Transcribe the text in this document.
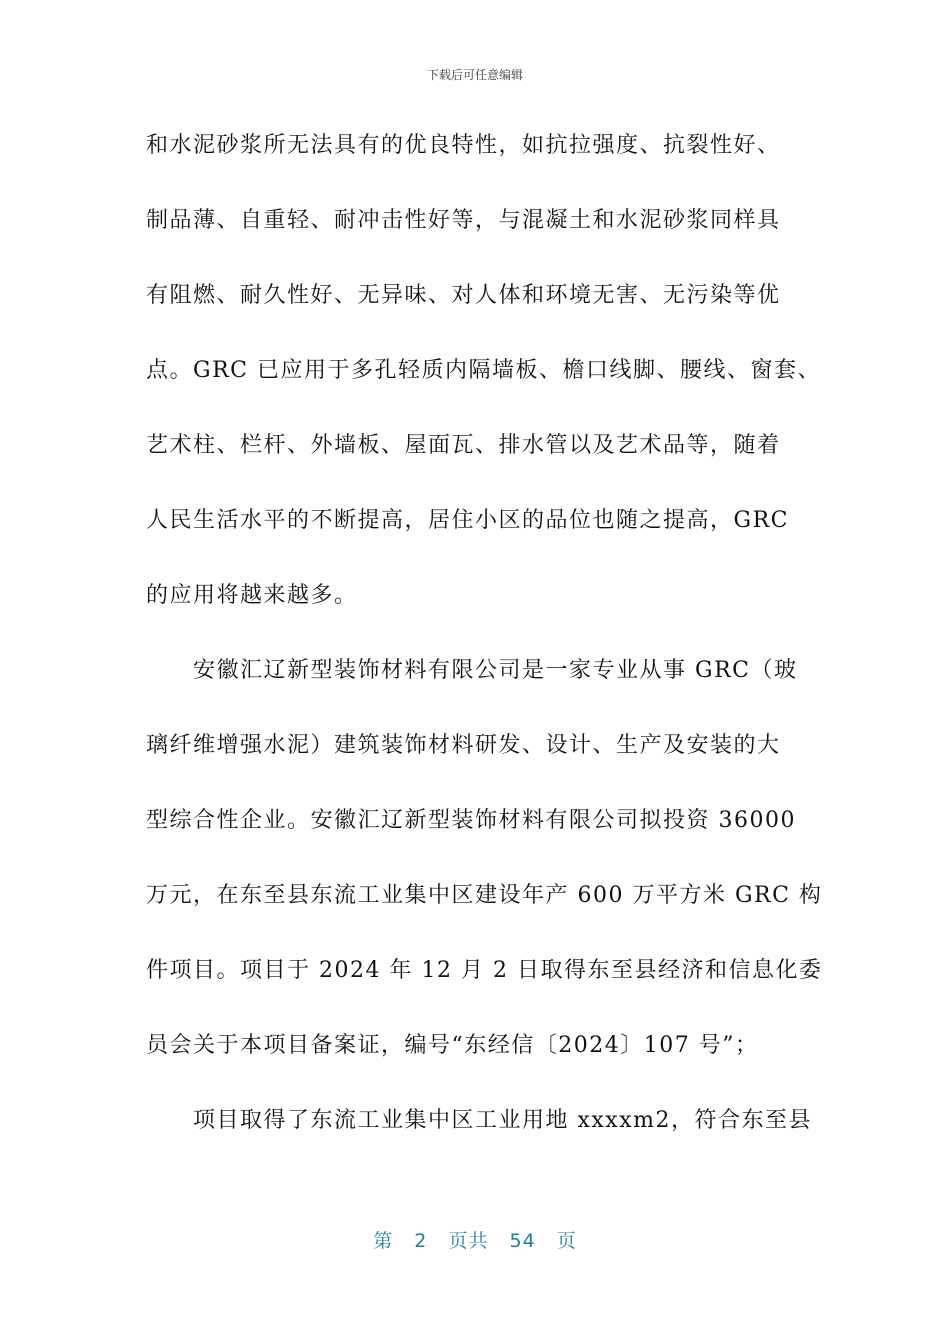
下载后可任意编辑
和水泥砂浆所无法具有的优良特性，如抗拉强度、抗裂性好、
制品薄、自重轻、耐冲击性好等，与混凝土和水泥砂浆同样具
有阻燃、耐久性好、无异味、对人体和环境无害、无污染等优
点。GRC 已应用于多孔轻质内隔墙板、檐口线脚、腰线、窗套、
艺术柱、栏杆、外墙板、屋面瓦、排水管以及艺术品等，随着
人民生活水平的不断提高，居住小区的品位也随之提高，GRC
的应用将越来越多。
安徽汇辽新型装饰材料有限公司是一家专业从事 GRC（玻
璃纤维增强水泥）建筑装饰材料研发、设计、生产及安装的大
型综合性企业。安徽汇辽新型装饰材料有限公司拟投资 36000
万元，在东至县东流工业集中区建设年产 600 万平方米 GRC 构
件项目。项目于 2024 年 12 月 2 日取得东至县经济和信息化委
员会关于本项目备案证，编号“东经信〔2024〕107 号”；
项目取得了东流工业集中区工业用地 xxxxm2，符合东至县
第 2 页共 54 页
